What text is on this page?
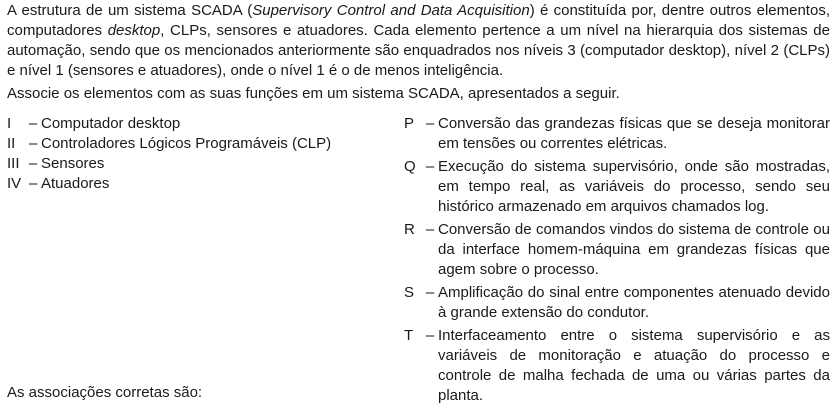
A estrutura de um sistema SCADA (Supervisory Control and Data Acquisition) é constituída por, dentre outros elementos, computadores desktop, CLPs, sensores e atuadores. Cada elemento pertence a um nível na hierarquia dos sistemas de automação, sendo que os mencionados anteriormente são enquadrados nos níveis 3 (computador desktop), nível 2 (CLPs) e nível 1 (sensores e atuadores), onde o nível 1 é o de menos inteligência.

Associe os elementos com as suas funções em um sistema SCADA, apresentados a seguir.

I	– Computador desktop
II – Controladores Lógicos Programáveis (CLP)
III – Sensores
IV – Atuadores
P – Conversão das grandezas físicas que se deseja monitorar em tensões ou correntes elétricas.
Q – Execução do sistema supervisório, onde são mostradas, em tempo real, as variáveis do processo, sendo seu histórico armazenado em arquivos chamados log.
R – Conversão de comandos vindos do sistema de controle ou da interface homem-máquina em grandezas físicas que agem sobre o processo.
S – Amplificação do sinal entre componentes atenuado devido à grande extensão do condutor.
T – Interfaceamento entre o sistema supervisório e as variáveis de monitoração e atuação do processo e controle de malha fechada de uma ou várias partes da planta.

As associações corretas são:
